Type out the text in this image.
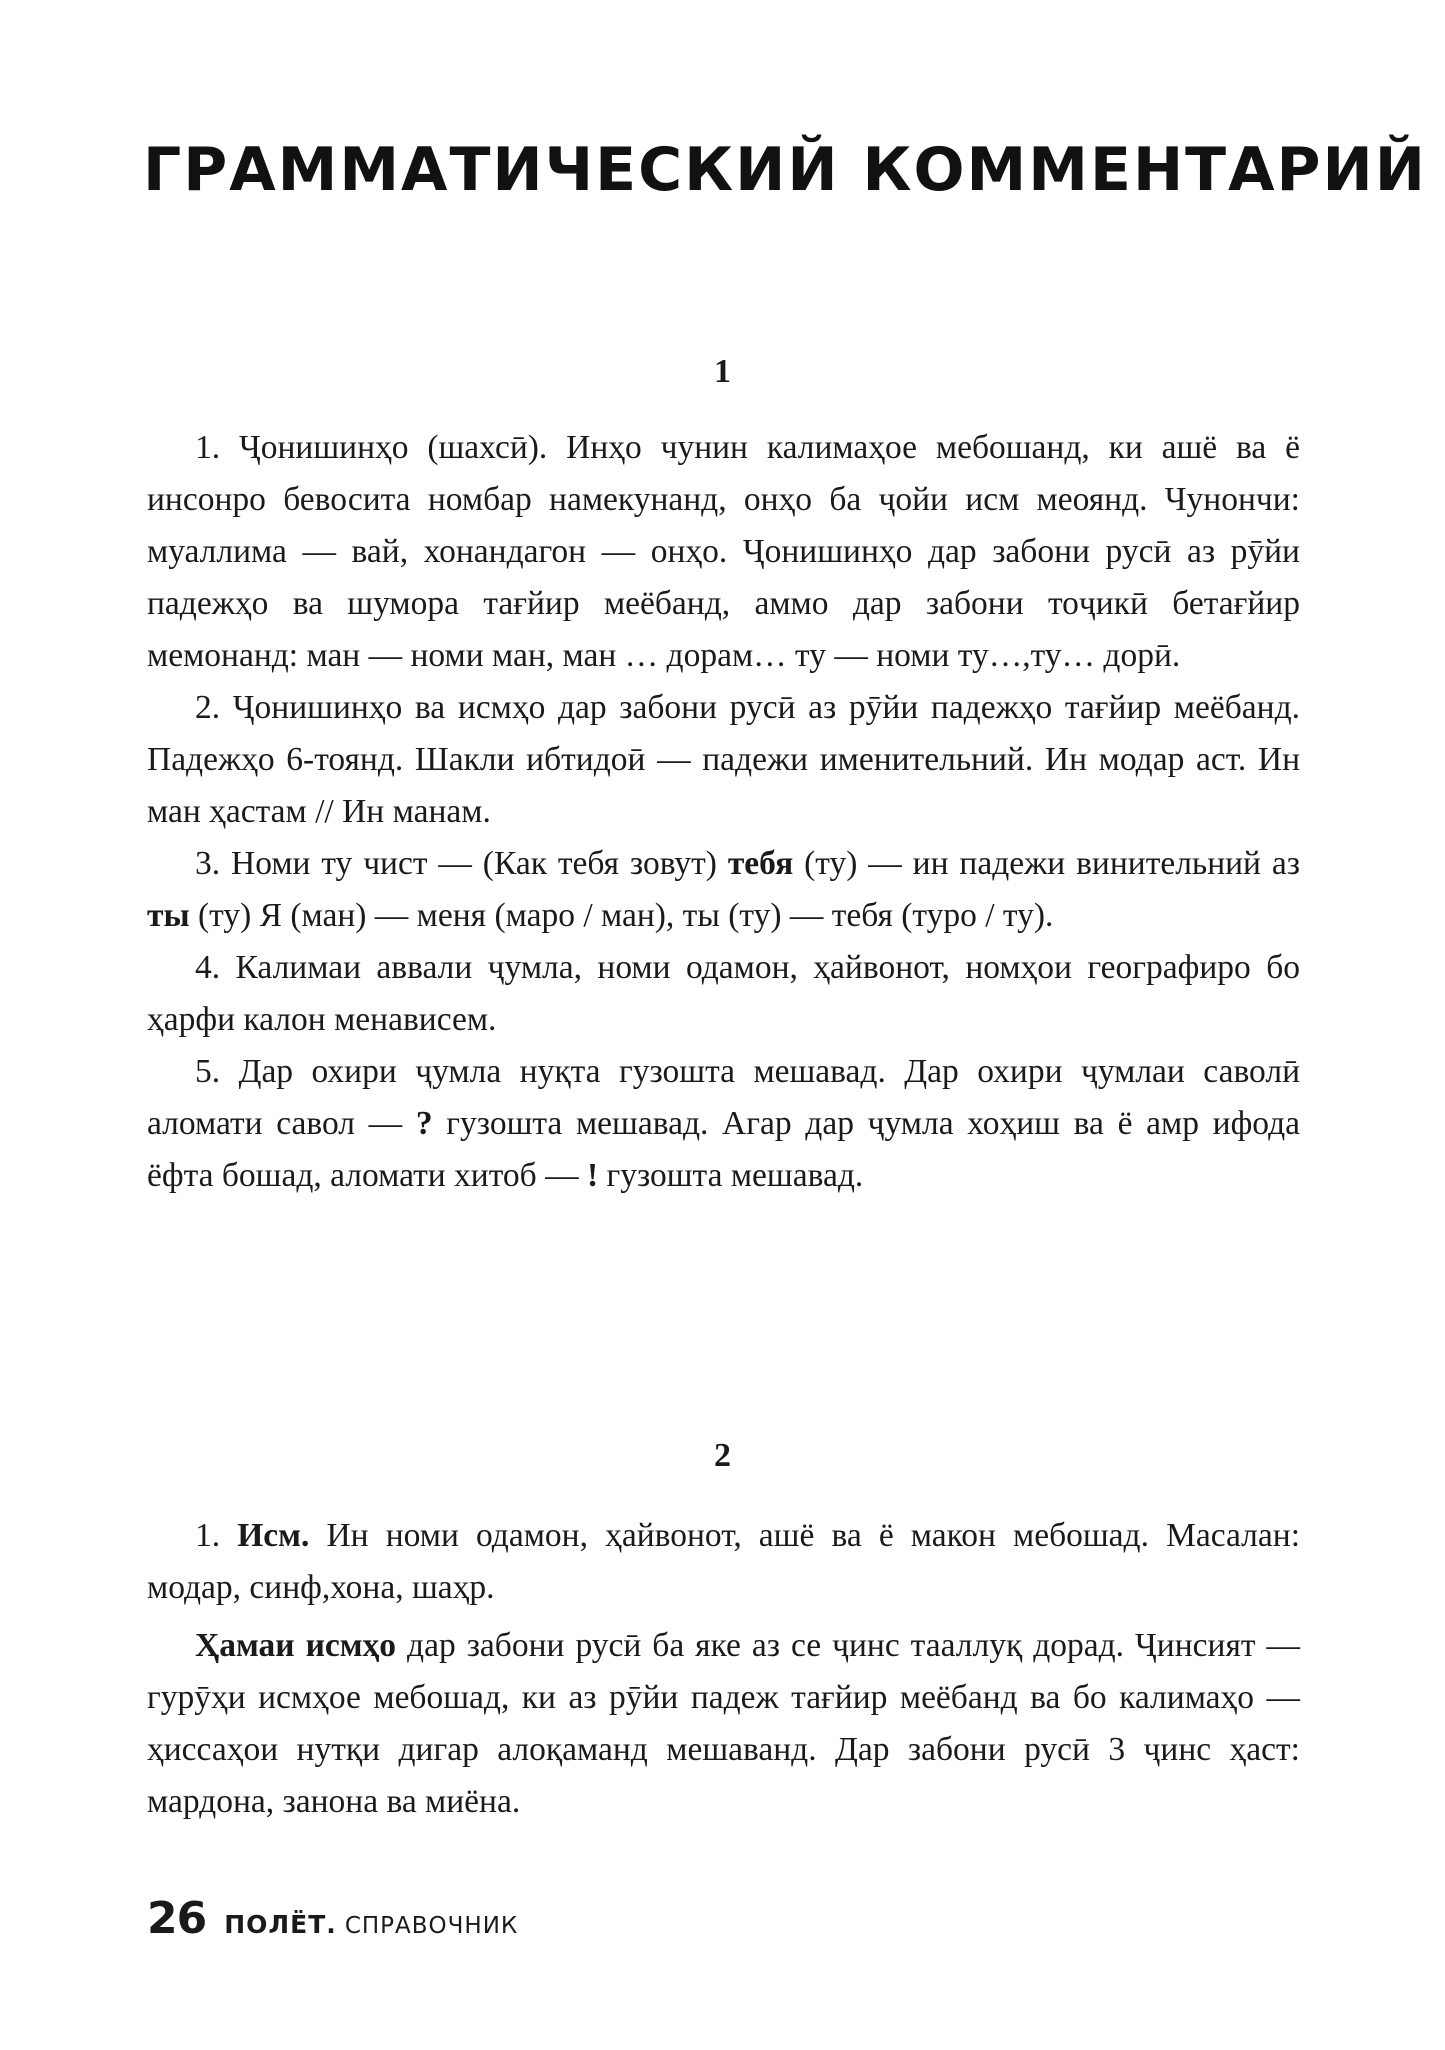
ГРАММАТИЧЕСКИЙ КОММЕНТАРИЙ
1

1. Ҷонишинҳо (шахсӣ). Инҳо чунин калимаҳое мебошанд, ки ашё ва ё инсонро бевосита номбар намекунанд, онҳо ба ҷойи исм меоянд. Чунончи: муаллима — вай, хонандагон — онҳо. Ҷонишинҳо дар забони русӣ аз рӯйи падежҳо ва шумора тағйир меёбанд, аммо дар забони тоҷикӣ бетағйир мемонанд: ман — номи ман, ман … дорам… ту — номи ту…,ту… дорӣ.

2. Ҷонишинҳо ва исмҳо дар забони русӣ аз рӯйи падежҳо тағйир меёбанд. Падежҳо 6-тоянд. Шакли ибтидоӣ — падежи именительний. Ин модар аст. Ин ман ҳастам // Ин манам.

3. Номи ту чист — (Как тебя зовут) тебя (ту) — ин падежи винительний аз ты (ту) Я (ман) — меня (маро / ман), ты (ту) — тебя (туро / ту).

4. Калимаи аввали ҷумла, номи одамон, ҳайвонот, номҳои географиро бо ҳарфи калон менависем.

5. Дар охири ҷумла нуқта гузошта мешавад. Дар охири ҷумлаи саволӣ аломати савол — ? гузошта мешавад. Агар дар ҷумла хоҳиш ва ё амр ифода ёфта бошад, аломати хитоб — ! гузошта мешавад.

2

1. Исм. Ин номи одамон, ҳайвонот, ашё ва ё макон мебошад. Масалан: модар, синф,хона, шаҳр.

Ҳамаи исмҳо дар забони русӣ ба яке аз се ҷинс тааллуқ дорад. Ҷинсият — гурӯҳи исмҳое мебошад, ки аз рӯйи падеж тағйир меёбанд ва бо калимаҳо — ҳиссаҳои нутқи дигар алоқаманд мешаванд. Дар забони русӣ 3 ҷинс ҳаст: мардона, занона ва миёна.

26 ПОЛЁТ. СПРАВОЧНИК
